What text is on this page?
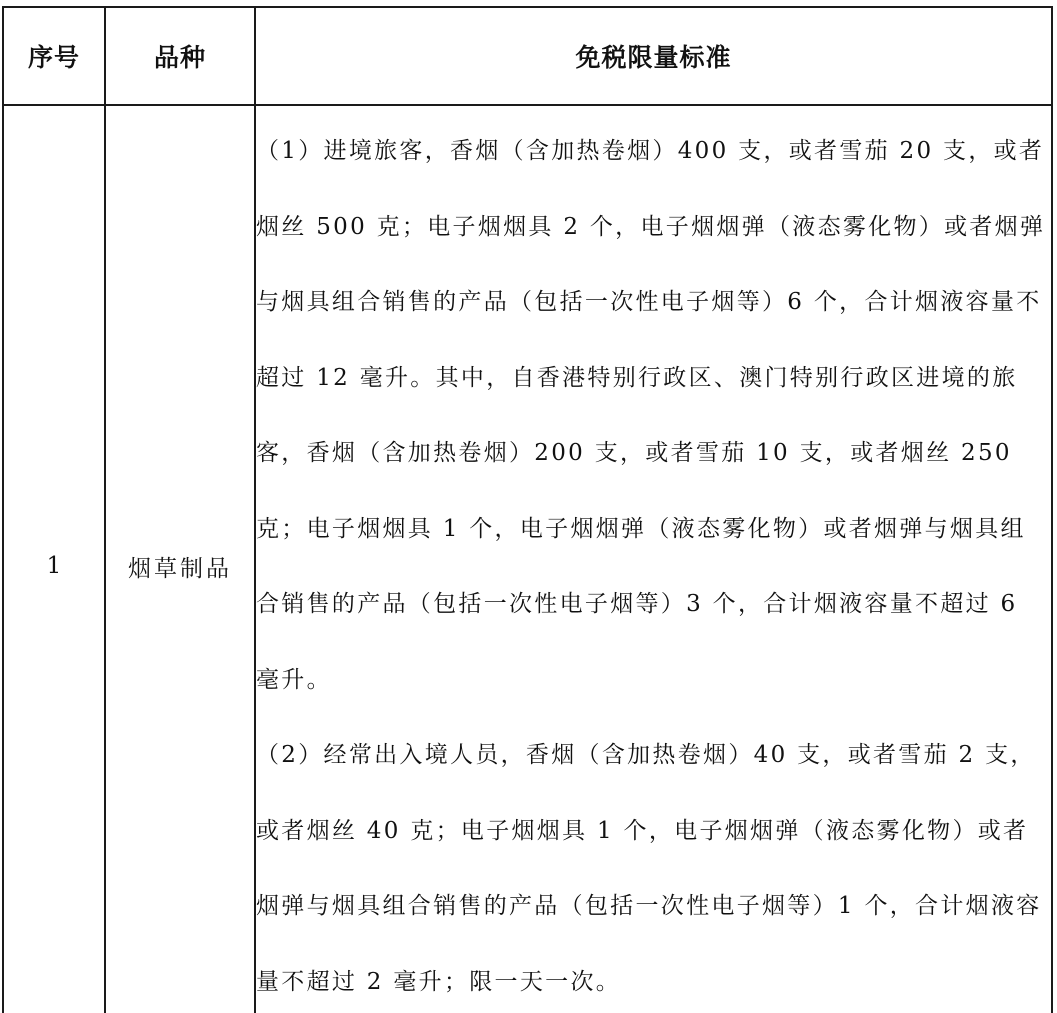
序号	品种	免税限量标准
1	烟草制品	（1）进境旅客，香烟（含加热卷烟）400 支，或者雪茄 20 支，或者烟丝 500 克；电子烟烟具 2 个，电子烟烟弹（液态雾化物）或者烟弹与烟具组合销售的产品（包括一次性电子烟等）6 个，合计烟液容量不超过 12 毫升。其中，自香港特别行政区、澳门特别行政区进境的旅客，香烟（含加热卷烟）200 支，或者雪茄 10 支，或者烟丝 250 克；电子烟烟具 1 个，电子烟烟弹（液态雾化物）或者烟弹与烟具组合销售的产品（包括一次性电子烟等）3 个，合计烟液容量不超过 6 毫升。

（2）经常出入境人员，香烟（含加热卷烟）40 支，或者雪茄 2 支，或者烟丝 40 克；电子烟烟具 1 个，电子烟烟弹（液态雾化物）或者烟弹与烟具组合销售的产品（包括一次性电子烟等）1 个，合计烟液容量不超过 2 毫升；限一天一次。
